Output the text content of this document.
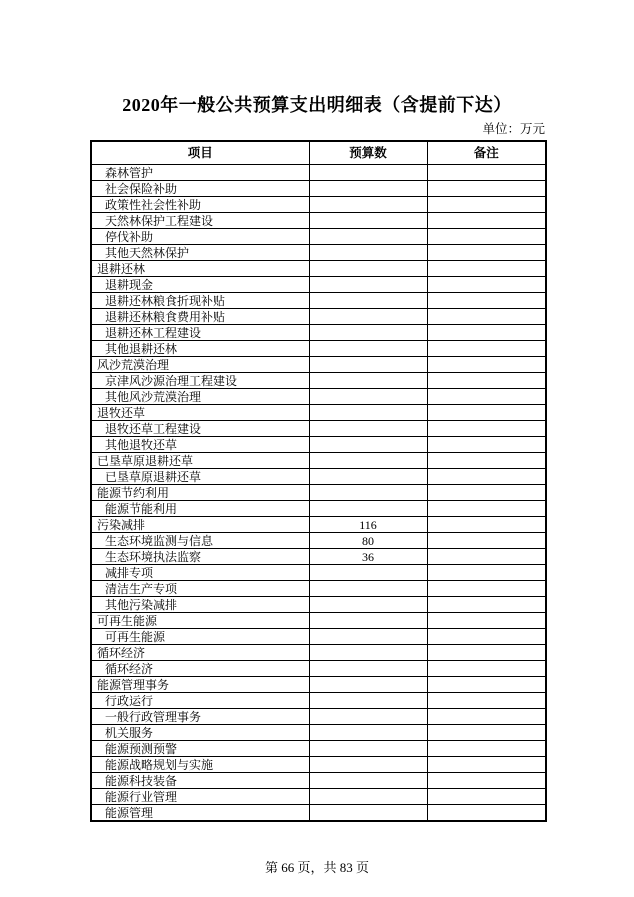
2020年一般公共预算支出明细表（含提前下达）
单位：万元
项目	预算数	备注
森林管护		
社会保险补助		
政策性社会性补助		
天然林保护工程建设		
停伐补助		
其他天然林保护		
退耕还林		
退耕现金		
退耕还林粮食折现补贴		
退耕还林粮食费用补贴		
退耕还林工程建设		
其他退耕还林		
风沙荒漠治理		
京津风沙源治理工程建设		
其他风沙荒漠治理		
退牧还草		
退牧还草工程建设		
其他退牧还草		
已垦草原退耕还草		
已垦草原退耕还草		
能源节约利用		
能源节能利用		
污染减排	116	
生态环境监测与信息	80	
生态环境执法监察	36	
减排专项		
清洁生产专项		
其他污染减排		
可再生能源		
可再生能源		
循环经济		
循环经济		
能源管理事务		
行政运行		
一般行政管理事务		
机关服务		
能源预测预警		
能源战略规划与实施		
能源科技装备		
能源行业管理		
能源管理		
第 66 页，共 83 页
